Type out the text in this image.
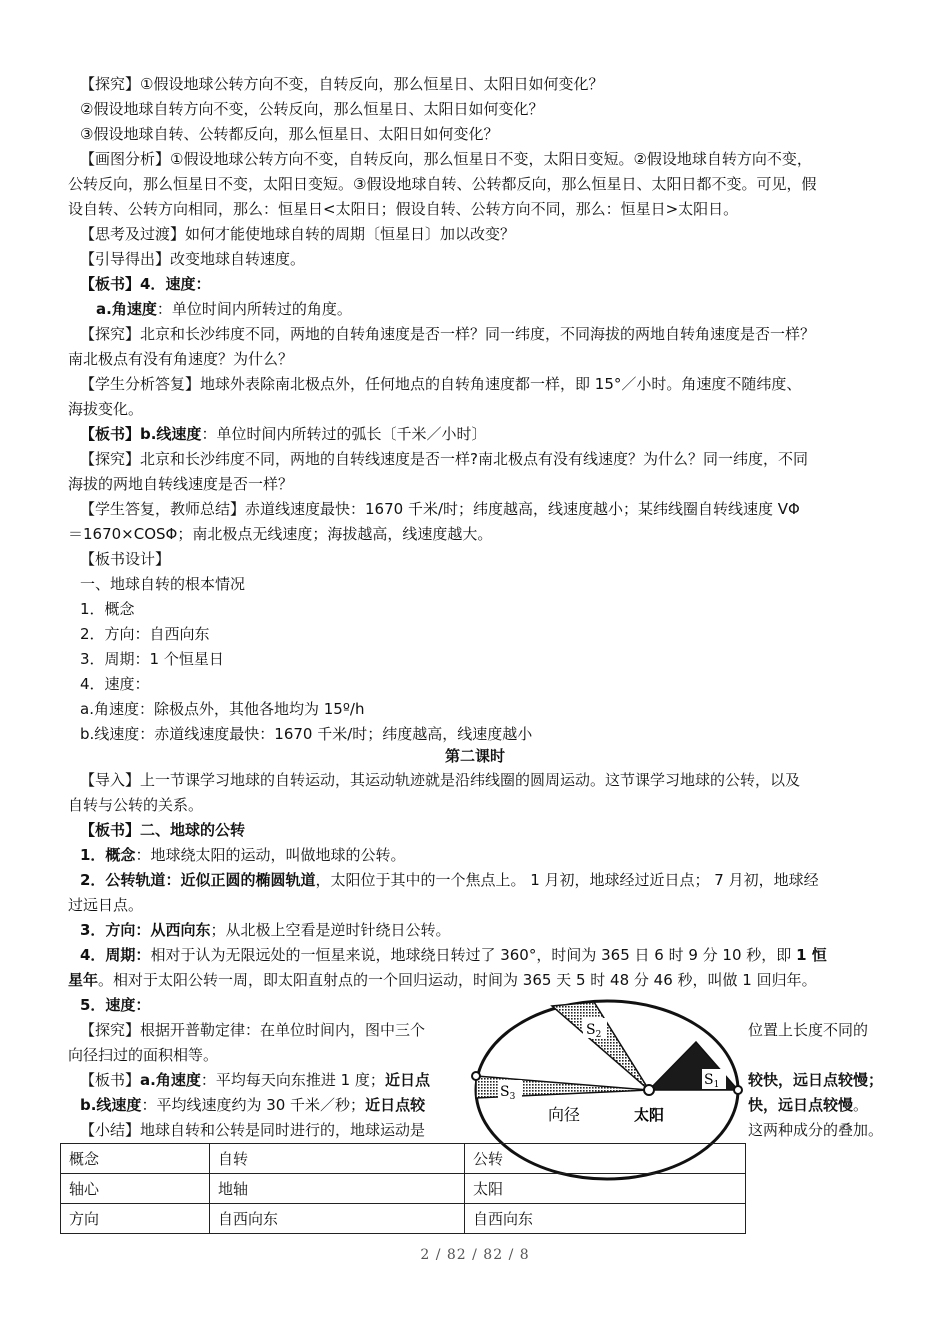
【探究】①假设地球公转方向不变，自转反向，那么恒星日、太阳日如何变化？
②假设地球自转方向不变，公转反向，那么恒星日、太阳日如何变化？
③假设地球自转、公转都反向，那么恒星日、太阳日如何变化？
【画图分析】①假设地球公转方向不变，自转反向，那么恒星日不变，太阳日变短。②假设地球自转方向不变，
公转反向，那么恒星日不变，太阳日变短。③假设地球自转、公转都反向，那么恒星日、太阳日都不变。可见，假
设自转、公转方向相同，那么：恒星日<太阳日；假设自转、公转方向不同，那么：恒星日>太阳日。
【思考及过渡】如何才能使地球自转的周期〔恒星日〕加以改变？
【引导得出】改变地球自转速度。
【板书】4．速度：
a.角速度：单位时间内所转过的角度。
【探究】北京和长沙纬度不同，两地的自转角速度是否一样？同一纬度，不同海拔的两地自转角速度是否一样？
南北极点有没有角速度？为什么？
【学生分析答复】地球外表除南北极点外，任何地点的自转角速度都一样，即 15°／小时。角速度不随纬度、
海拔变化。
【板书】b.线速度：单位时间内所转过的弧长〔千米／小时〕
【探究】北京和长沙纬度不同，两地的自转线速度是否一样?南北极点有没有线速度？为什么？同一纬度，不同
海拔的两地自转线速度是否一样？
【学生答复，教师总结】赤道线速度最快：1670 千米/时；纬度越高，线速度越小；某纬线圈自转线速度 VΦ
＝1670×COSΦ；南北极点无线速度；海拔越高，线速度越大。
【板书设计】
一、地球自转的根本情况
1．概念
2．方向：自西向东
3．周期：1 个恒星日
4．速度：
a.角速度：除极点外，其他各地均为 15º/h
b.线速度：赤道线速度最快：1670 千米/时；纬度越高，线速度越小
第二课时
【导入】上一节课学习地球的自转运动，其运动轨迹就是沿纬线圈的圆周运动。这节课学习地球的公转，以及
自转与公转的关系。
【板书】二、地球的公转
1．概念：地球绕太阳的运动，叫做地球的公转。
2．公转轨道：近似正圆的椭圆轨道，太阳位于其中的一个焦点上。 1 月初，地球经过近日点； 7 月初，地球经
过远日点。
3．方向：从西向东；从北极上空看是逆时针绕日公转。
4．周期：相对于认为无限远处的一恒星来说，地球绕日转过了 360°，时间为 365 日 6 时 9 分 10 秒，即 1 恒
星年。相对于太阳公转一周，即太阳直射点的一个回归运动，时间为 365 天 5 时 48 分 46 秒，叫做 1 回归年。
5．速度：
【探究】根据开普勒定律：在单位时间内，图中三个	位置上长度不同的
向径扫过的面积相等。
【板书】a.角速度：平均每天向东推进 1 度；近日点	较快，远日点较慢；
b.线速度：平均线速度约为 30 千米／秒；近日点较	快，远日点较慢。
【小结】地球自转和公转是同时进行的，地球运动是	这两种成分的叠加。
$S_1$
$S_2$
$S_3$
向径	太阳
概念	自转	公转
轴心	地轴	太阳
方向	自西向东	自西向东
2 / 82 / 82 / 8
